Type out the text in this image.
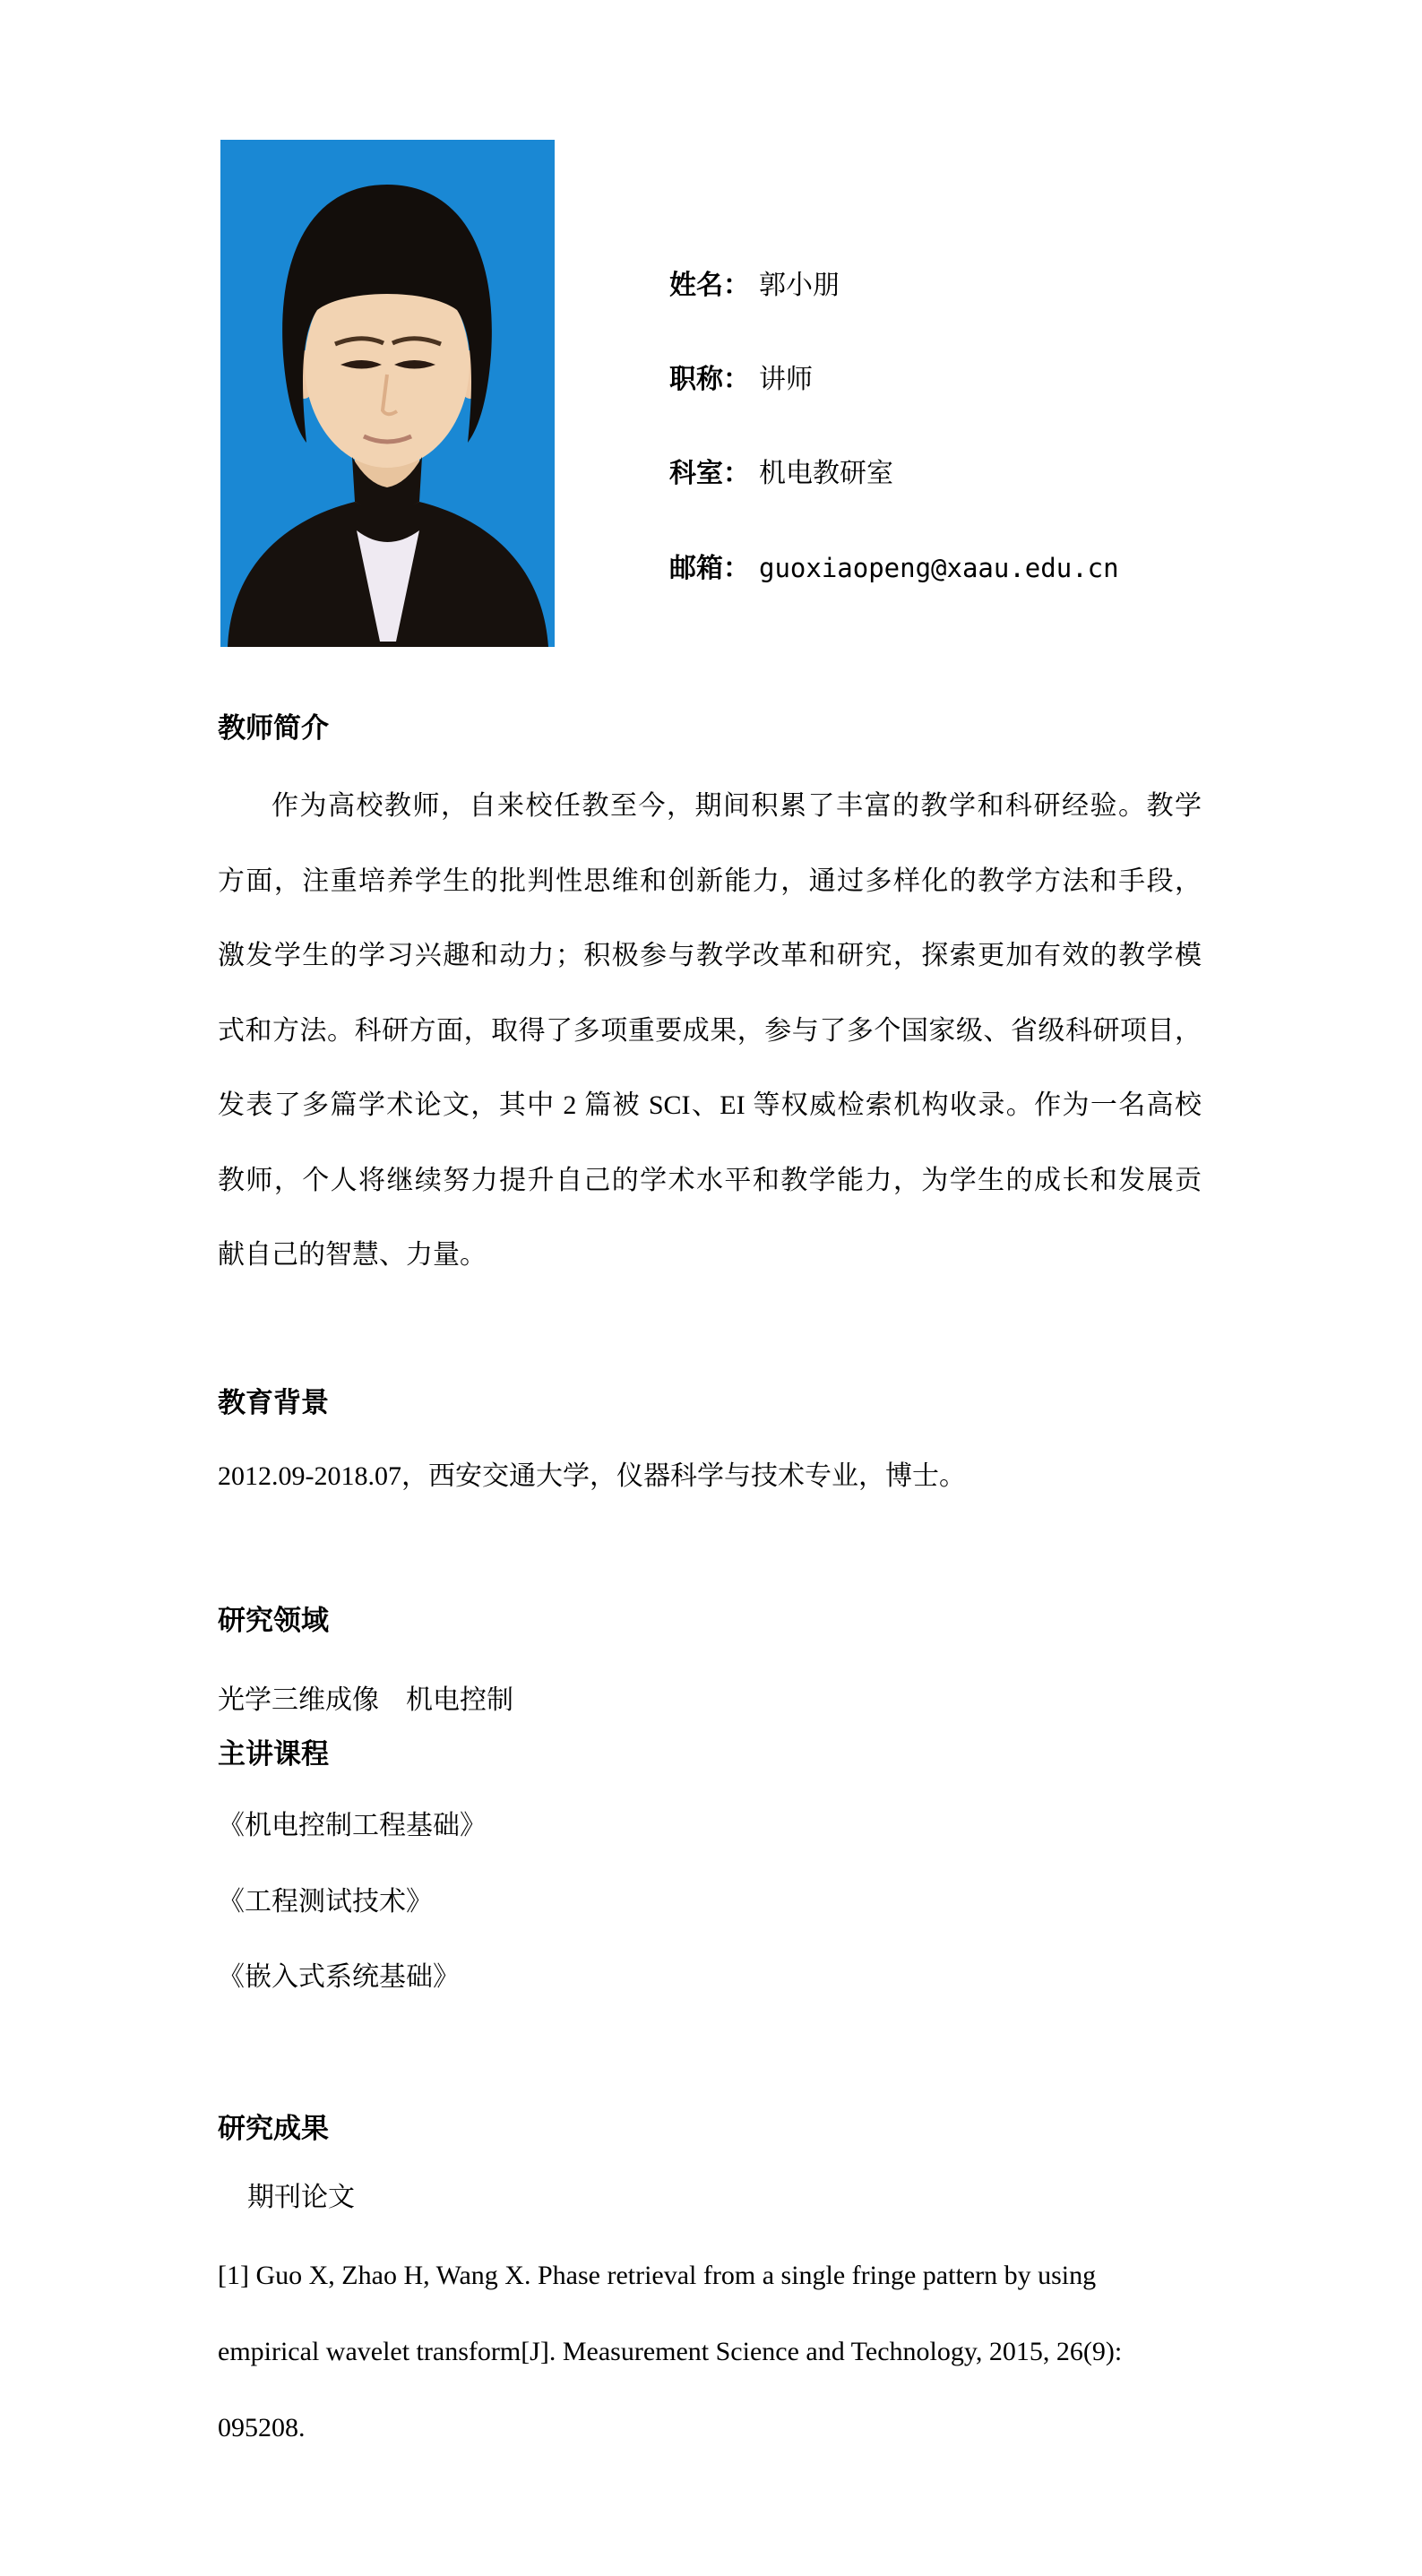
姓名： 郭小朋
职称： 讲师
科室： 机电教研室
邮箱： guoxiaopeng@xaau.edu.cn
教师简介
作为高校教师，自来校任教至今，期间积累了丰富的教学和科研经验。教学
方面，注重培养学生的批判性思维和创新能力，通过多样化的教学方法和手段，
激发学生的学习兴趣和动力；积极参与教学改革和研究，探索更加有效的教学模
式和方法。科研方面，取得了多项重要成果，参与了多个国家级、省级科研项目，
发表了多篇学术论文，其中 2 篇被 SCI、EI 等权威检索机构收录。作为一名高校
教师，个人将继续努力提升自己的学术水平和教学能力，为学生的成长和发展贡
献自己的智慧、力量。
教育背景
2012.09-2018.07，西安交通大学，仪器科学与技术专业，博士。
研究领域
光学三维成像　机电控制
主讲课程
《机电控制工程基础》
《工程测试技术》
《嵌入式系统基础》
研究成果
期刊论文
[1] Guo X, Zhao H, Wang X. Phase retrieval from a single fringe pattern by using
empirical wavelet transform[J]. Measurement Science and Technology, 2015, 26(9):
095208.
